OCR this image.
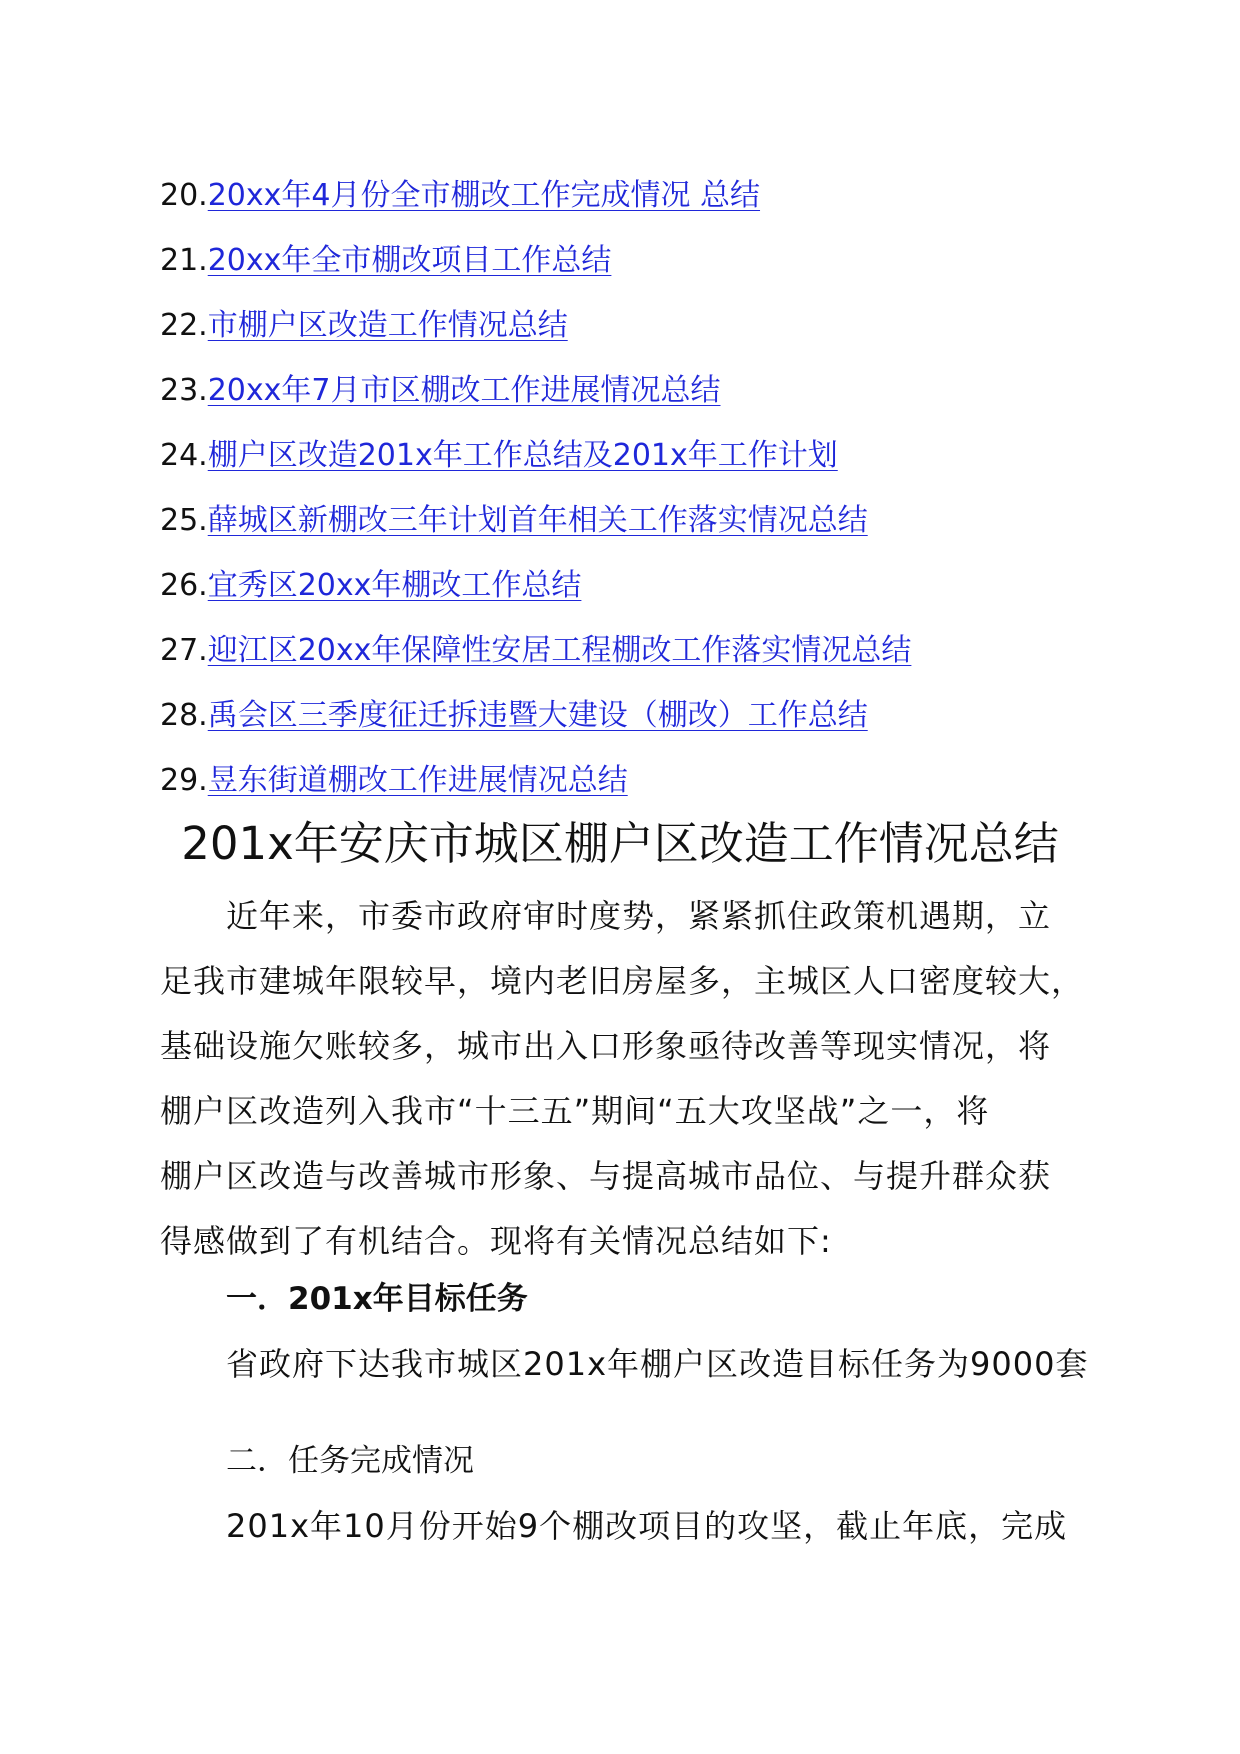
20.20xx年4月份全市棚改工作完成情况 总结
21.20xx年全市棚改项目工作总结
22.市棚户区改造工作情况总结
23.20xx年7月市区棚改工作进展情况总结
24.棚户区改造201x年工作总结及201x年工作计划
25.薛城区新棚改三年计划首年相关工作落实情况总结
26.宜秀区20xx年棚改工作总结
27.迎江区20xx年保障性安居工程棚改工作落实情况总结
28.禹会区三季度征迁拆违暨大建设（棚改）工作总结
29.昱东街道棚改工作进展情况总结
201x年安庆市城区棚户区改造工作情况总结

近年来，市委市政府审时度势，紧紧抓住政策机遇期，立
足我市建城年限较早，境内老旧房屋多，主城区人口密度较大，
基础设施欠账较多，城市出入口形象亟待改善等现实情况，将
棚户区改造列入我市“十三五”期间“五大攻坚战”之一，将
棚户区改造与改善城市形象、与提高城市品位、与提升群众获
得感做到了有机结合。现将有关情况总结如下:

一．201x年目标任务

省政府下达我市城区201x年棚户区改造目标任务为9000套

二．任务完成情况

201x年10月份开始9个棚改项目的攻坚，截止年底，完成
